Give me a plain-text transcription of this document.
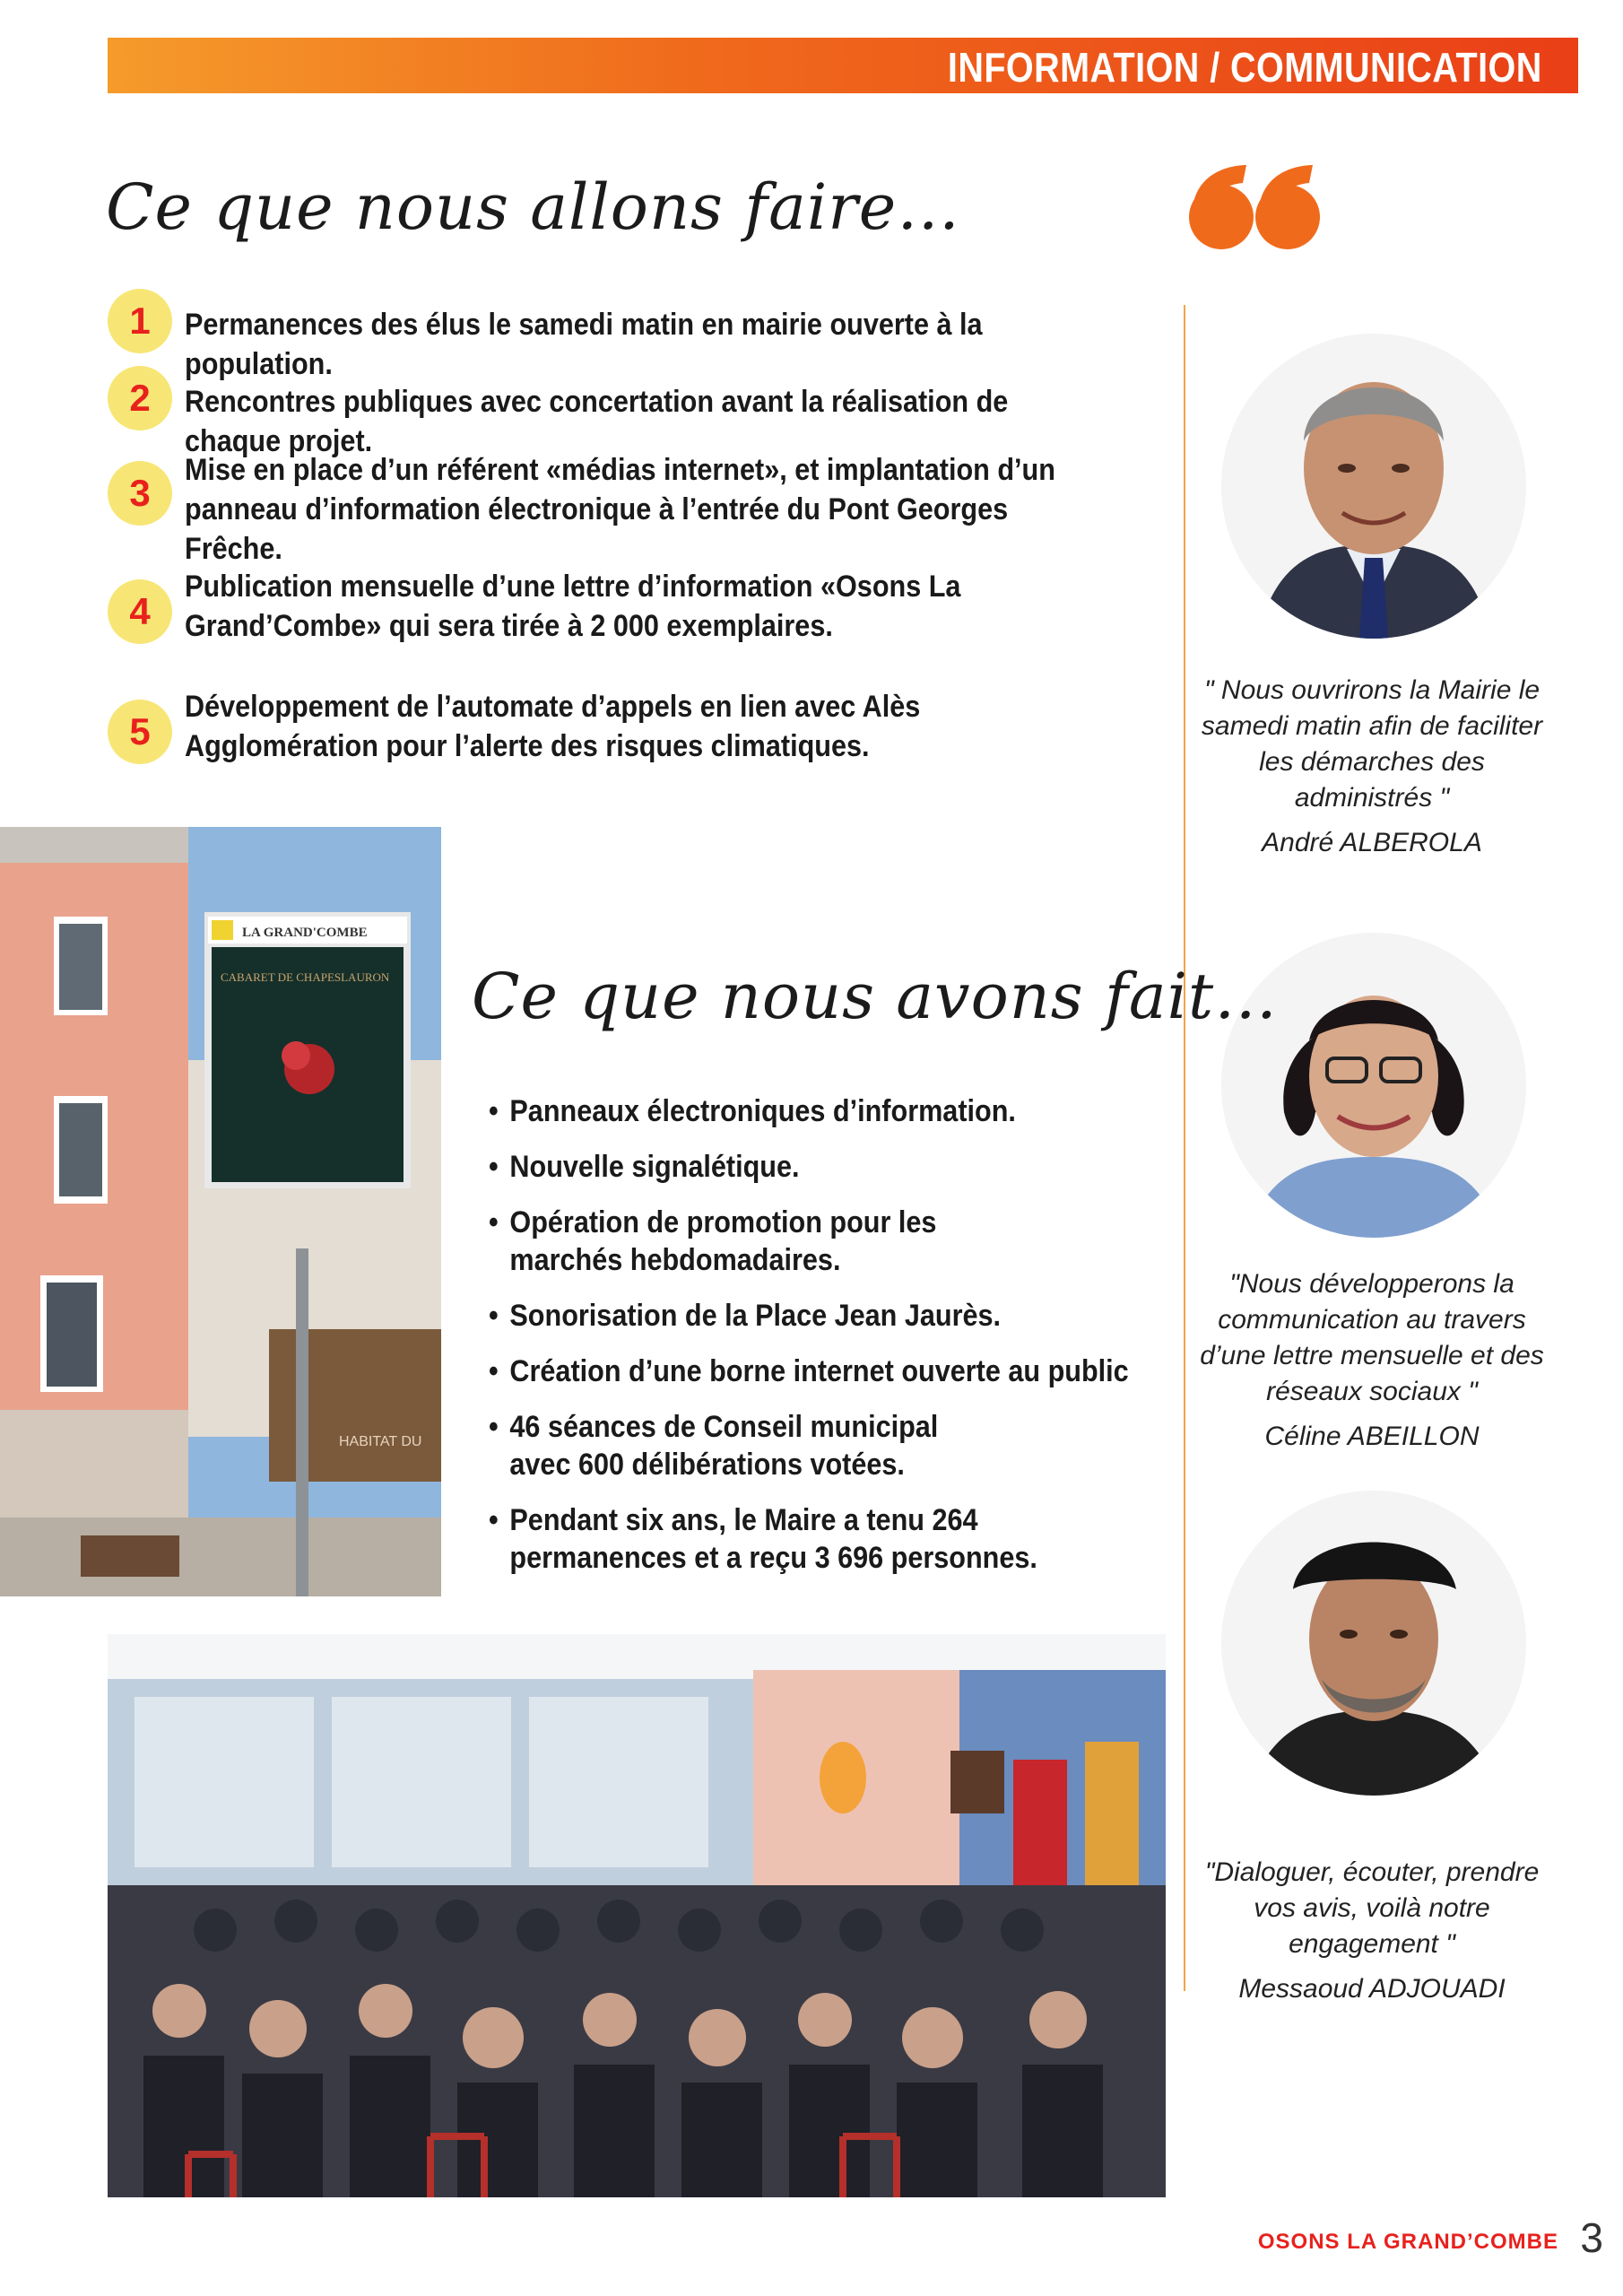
INFORMATION / COMMUNICATION
Ce que nous allons faire…
1	Permanences des élus le samedi matin en mairie ouverte à la population.
2	Rencontres publiques avec concertation avant la réalisation de chaque projet.
3
Mise en place d’un référent «médias internet», et implantation d’un panneau d’information électronique à l’entrée du Pont Georges Frêche.
4
Publication mensuelle d’une lettre d’information «Osons La Grand’Combe» qui sera tirée à 2 000 exemplaires.
5
Développement de l’automate d’appels en lien avec Alès Agglomération pour l’alerte des risques climatiques.
" Nous ouvrirons la Mairie le samedi matin afin de faciliter les démarches des administrés "
André ALBEROLA
"Nous développerons la communication au travers d’une lettre mensuelle et des réseaux sociaux "
Céline ABEILLON
"Dialoguer, écouter, prendre vos avis, voilà notre engagement "
Messaoud ADJOUADI
LA GRAND'COMBE
CABARET DE CHAPESLAURON
HABITAT DU
Ce que nous avons fait…
• Panneaux électroniques d’information.
• Nouvelle signalétique.
• Opération de promotion pour les marchés hebdomadaires.
• Sonorisation de la Place Jean Jaurès.
• Création d’une borne internet ouverte au public
• 46 séances de Conseil municipal avec 600 délibérations votées.
• Pendant six ans, le Maire a tenu 264 permanences et a reçu 3 696 personnes.
OSONS LA GRAND’COMBE 3
